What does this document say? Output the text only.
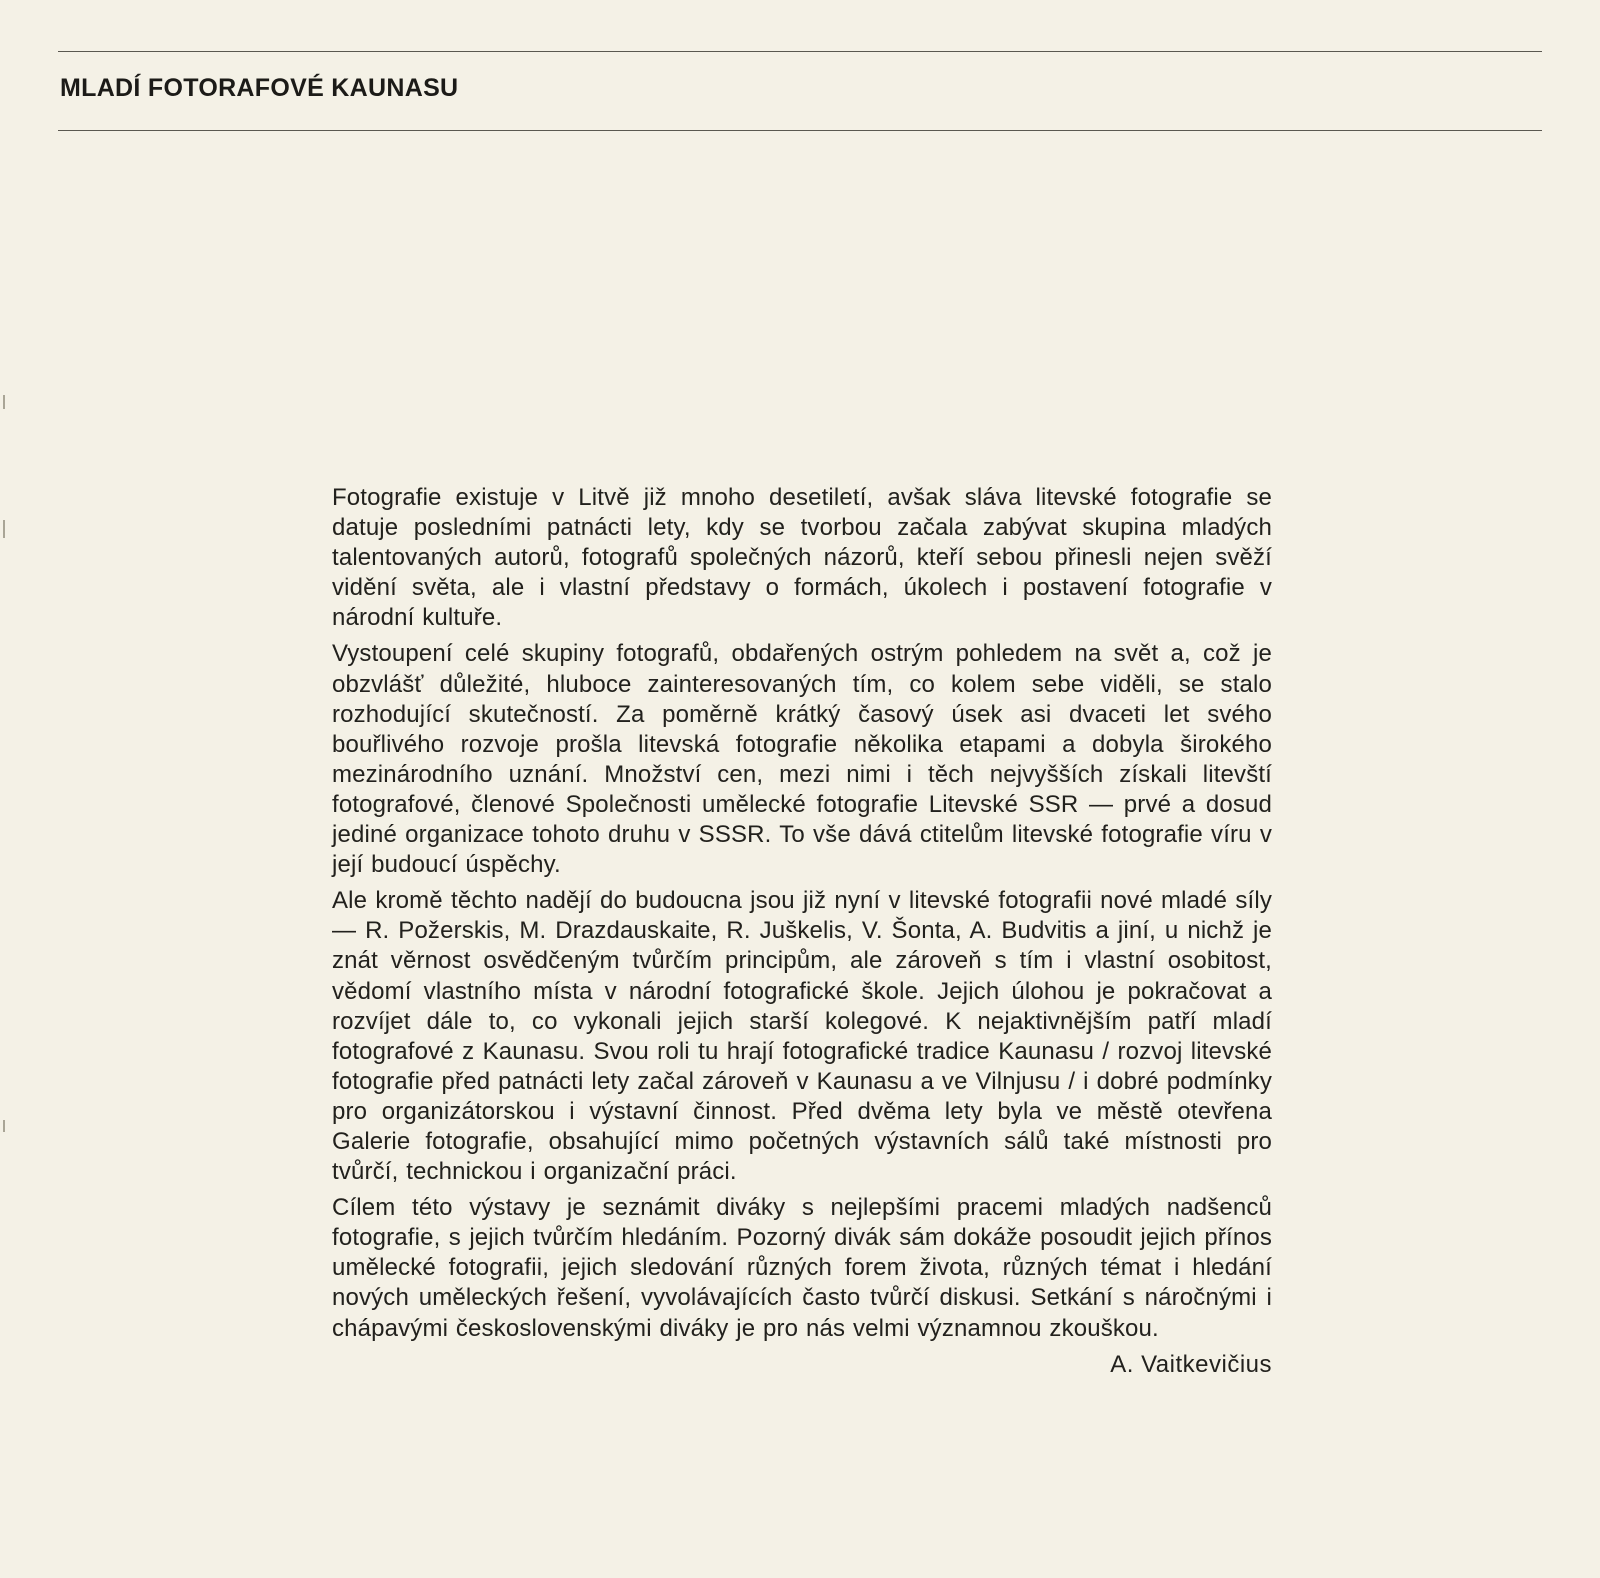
MLADÍ FOTORAFOVÉ KAUNASU

Fotografie existuje v Litvě již mnoho desetiletí, avšak sláva litevské fotografie se datuje posledními patnácti lety, kdy se tvorbou začala zabývat skupina mladých talentovaných autorů, fotografů společných názorů, kteří sebou přinesli nejen svěží vidění světa, ale i vlastní představy o formách, úkolech i postavení fotografie v národní kultuře.

Vystoupení celé skupiny fotografů, obdařených ostrým pohledem na svět a, což je obzvlášť důležité, hluboce zainteresovaných tím, co kolem sebe viděli, se stalo rozhodující skutečností. Za poměrně krátký časový úsek asi dvaceti let svého bouřlivého rozvoje prošla litevská fotografie několika etapami a dobyla širokého mezinárodního uznání. Množství cen, mezi nimi i těch nejvyšších získali litevští fotografové, členové Společnosti umělecké fotografie Litevské SSR — prvé a dosud jediné organizace tohoto druhu v SSSR. To vše dává ctitelům litevské fotografie víru v její budoucí úspěchy.

Ale kromě těchto nadějí do budoucna jsou již nyní v litevské fotografii nové mladé síly — R. Požerskis, M. Drazdauskaite, R. Juškelis, V. Šonta, A. Budvitis a jiní, u nichž je znát věrnost osvědčeným tvůrčím principům, ale zároveň s tím i vlastní osobitost, vědomí vlastního místa v národní fotografické škole. Jejich úlohou je pokračovat a rozvíjet dále to, co vykonali jejich starší kolegové. K nejaktivnějším patří mladí fotografové z Kaunasu. Svou roli tu hrají fotografické tradice Kaunasu / rozvoj litevské fotografie před patnácti lety začal zároveň v Kaunasu a ve Vilnjusu / i dobré podmínky pro organizátorskou i výstavní činnost. Před dvěma lety byla ve městě otevřena Galerie fotografie, obsahující mimo početných výstavních sálů také místnosti pro tvůrčí, technickou i organizační práci.

Cílem této výstavy je seznámit diváky s nejlepšími pracemi mladých nadšenců fotografie, s jejich tvůrčím hledáním. Pozorný divák sám dokáže posoudit jejich přínos umělecké fotografii, jejich sledování různých forem života, různých témat i hledání nových uměleckých řešení, vyvolávajících často tvůrčí diskusi. Setkání s náročnými i chápavými československými diváky je pro nás velmi významnou zkouškou.

A. Vaitkevičius
